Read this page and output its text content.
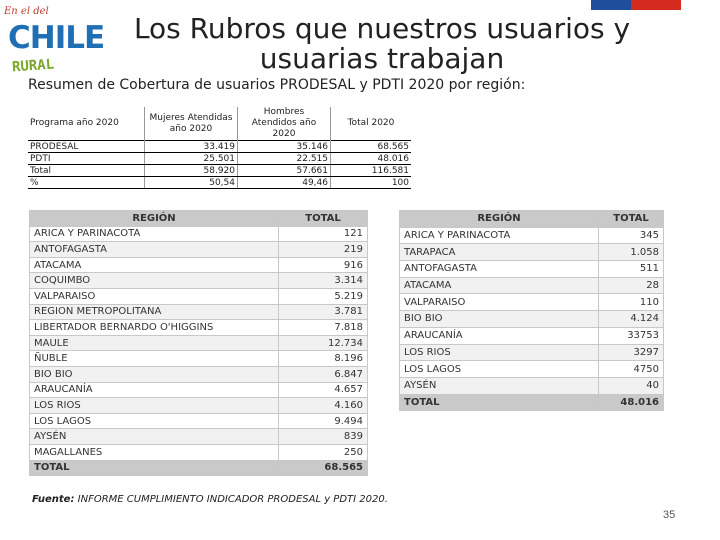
En el del
CHILE
RURAL
Los Rubros que nuestros usuarios y usuarias trabajan
Resumen de Cobertura de usuarios PRODESAL y PDTI 2020 por región:
Programa año 2020	Mujeres Atendidas año 2020	Hombres Atendidos año 2020	Total 2020
PRODESAL	33.419	35.146	68.565
PDTI	25.501	22.515	48.016
Total	58.920	57.661	116.581
%	50,54	49,46	100
REGIÓN	TOTAL
ARICA Y PARINACOTA	121
ANTOFAGASTA	219
ATACAMA	916
COQUIMBO	3.314
VALPARAISO	5.219
REGION METROPOLITANA	3.781
LIBERTADOR BERNARDO O'HIGGINS	7.818
MAULE	12.734
ÑUBLE	8.196
BIO BIO	6.847
ARAUCANÍA	4.657
LOS RIOS	4.160
LOS LAGOS	9.494
AYSÉN	839
MAGALLANES	250
TOTAL	68.565
REGIÓN	TOTAL
ARICA Y PARINACOTA	345
TARAPACA	1.058
ANTOFAGASTA	511
ATACAMA	28
VALPARAISO	110
BIO BIO	4.124
ARAUCANÍA	33753
LOS RIOS	3297
LOS LAGOS	4750
AYSÉN	40
TOTAL	48.016
Fuente: INFORME CUMPLIMIENTO INDICADOR PRODESAL y PDTI 2020.
35
